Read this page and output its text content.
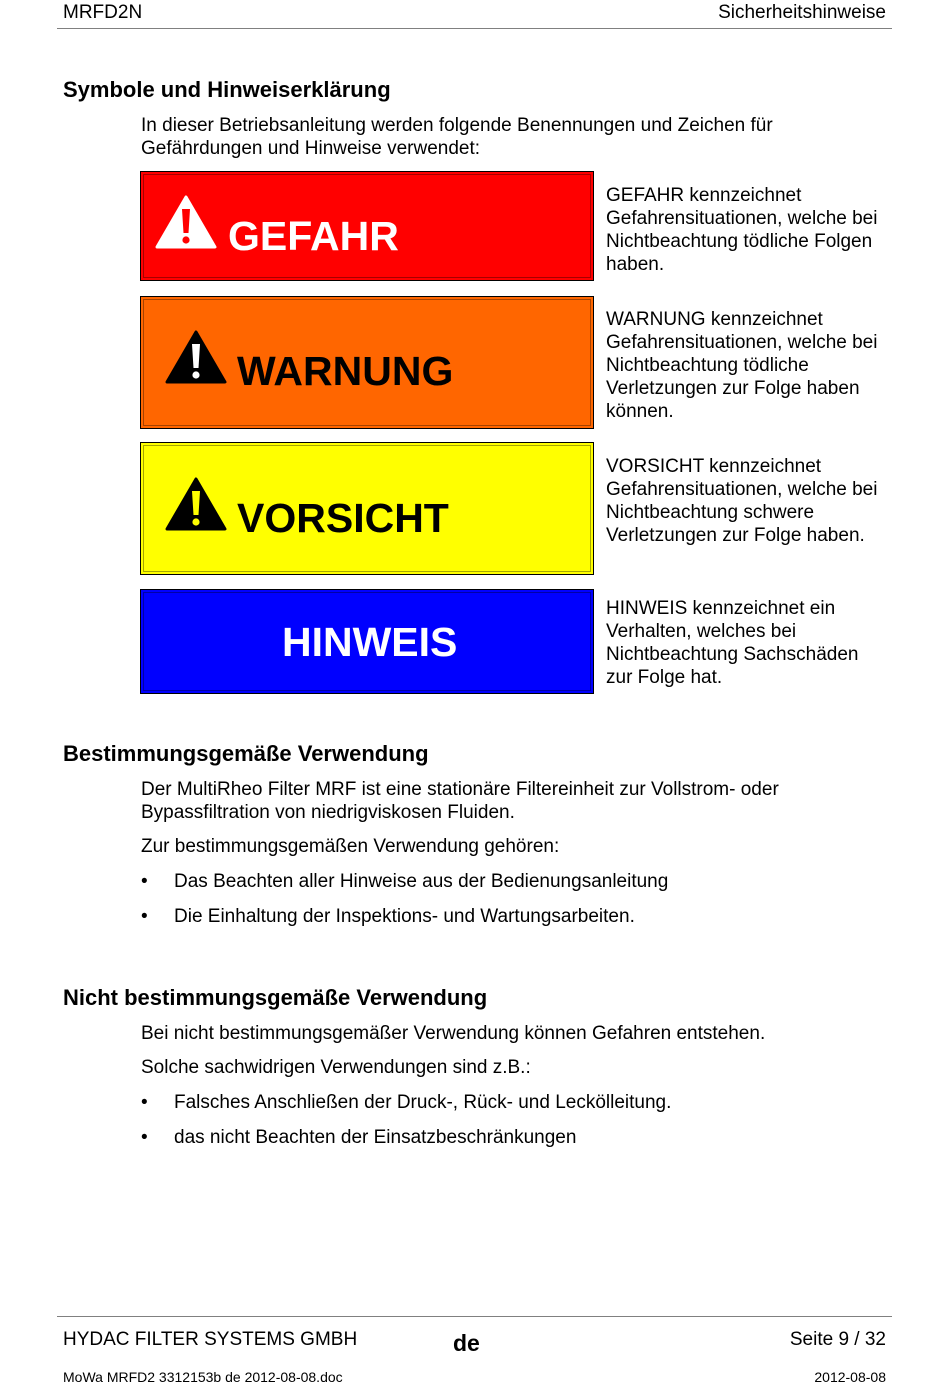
MRFD2N	Sicherheitshinweise
Symbole und Hinweiserklärung
In dieser Betriebsanleitung werden folgende Benennungen und Zeichen für Gefährdungen und Hinweise verwendet:
GEFAHR
GEFAHR kennzeichnet Gefahrensituationen, welche bei Nichtbeachtung tödliche Folgen haben.
WARNUNG
WARNUNG kennzeichnet Gefahrensituationen, welche bei Nichtbeachtung tödliche Verletzungen zur Folge haben können.
VORSICHT
VORSICHT kennzeichnet Gefahrensituationen, welche bei Nichtbeachtung schwere Verletzungen zur Folge haben.
HINWEIS
HINWEIS kennzeichnet ein Verhalten, welches bei Nichtbeachtung Sachschäden zur Folge hat.
Bestimmungsgemäße Verwendung
Der MultiRheo Filter MRF ist eine stationäre Filtereinheit zur Vollstrom- oder Bypassfiltration von niedrigviskosen Fluiden.
Zur bestimmungsgemäßen Verwendung gehören:
•	Das Beachten aller Hinweise aus der Bedienungsanleitung
•	Die Einhaltung der Inspektions- und Wartungsarbeiten.
Nicht bestimmungsgemäße Verwendung
Bei nicht bestimmungsgemäßer Verwendung können Gefahren entstehen.
Solche sachwidrigen Verwendungen sind z.B.:
•	Falsches Anschließen der Druck-, Rück- und Leckölleitung.
•	das nicht Beachten der Einsatzbeschränkungen
HYDAC FILTER SYSTEMS GMBH	de	Seite 9 / 32
MoWa MRFD2 3312153b de 2012-08-08.doc	2012-08-08
